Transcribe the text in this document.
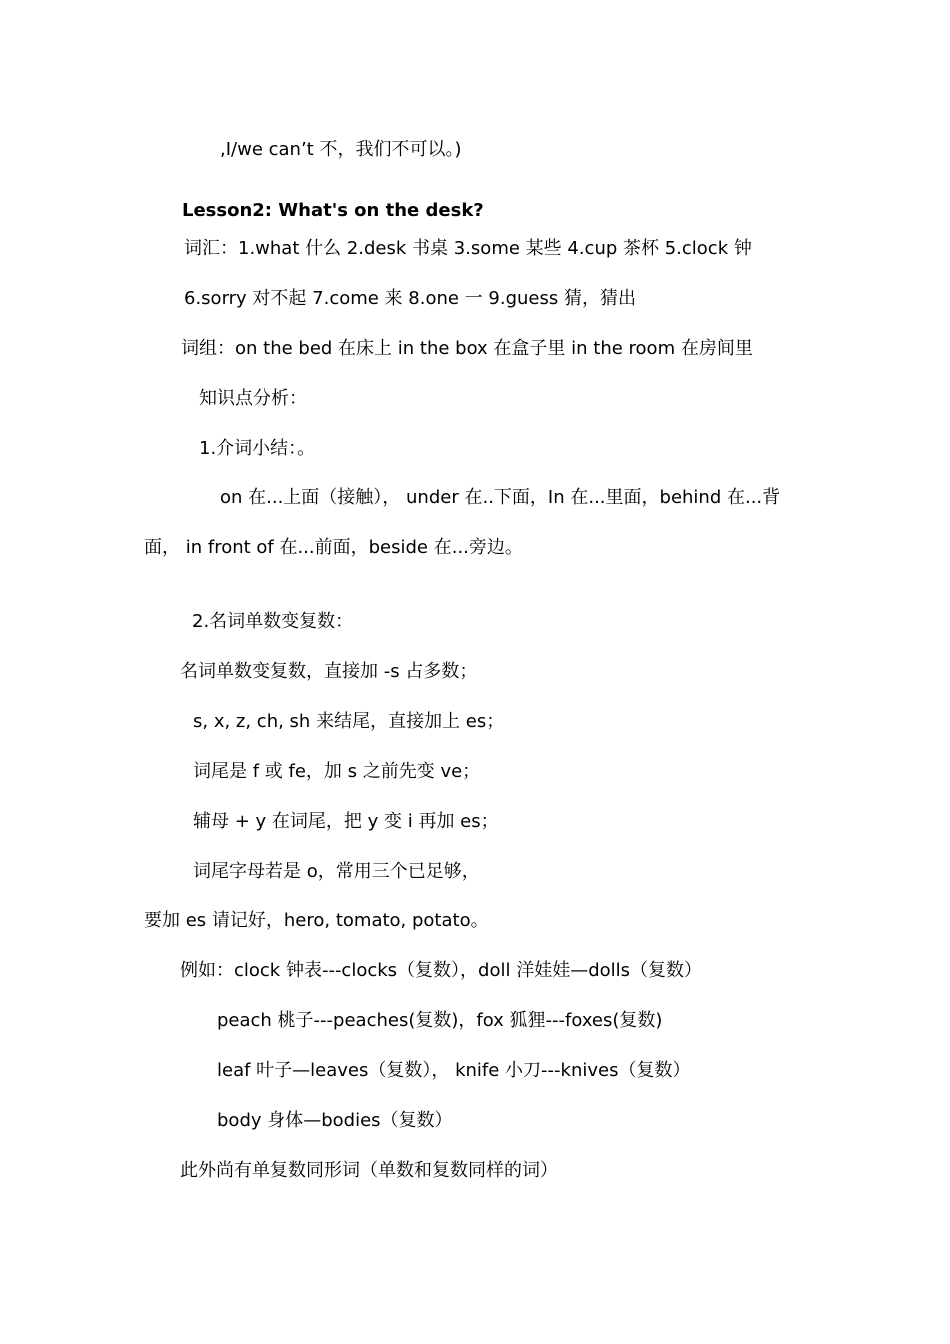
,I/we can’t 不，我们不可以。)
Lesson2: What's on the desk?
词汇：1.what 什么 2.desk 书桌 3.some 某些 4.cup 茶杯 5.clock 钟
6.sorry 对不起 7.come 来 8.one 一 9.guess 猜，猜出
词组：on the bed 在床上 in the box 在盒子里 in the room 在房间里
知识点分析：
1.介词小结：。
on 在...上面（接触）， under 在..下面，In 在...里面，behind 在...背
面， in front of 在...前面，beside 在...旁边。
2.名词单数变复数：
名词单数变复数，直接加 -s 占多数；
s, x, z, ch, sh 来结尾，直接加上 es；
词尾是 f 或 fe，加 s 之前先变 ve；
辅母 + y 在词尾，把 y 变 i 再加 es；
词尾字母若是 o，常用三个已足够，
要加 es 请记好，hero, tomato, potato。
例如：clock 钟表---clocks（复数），doll 洋娃娃—dolls（复数）
peach 桃子---peaches(复数)，fox 狐狸---foxes(复数)
leaf 叶子—leaves（复数）， knife 小刀---knives（复数）
body 身体—bodies（复数）
此外尚有单复数同形词（单数和复数同样的词）
